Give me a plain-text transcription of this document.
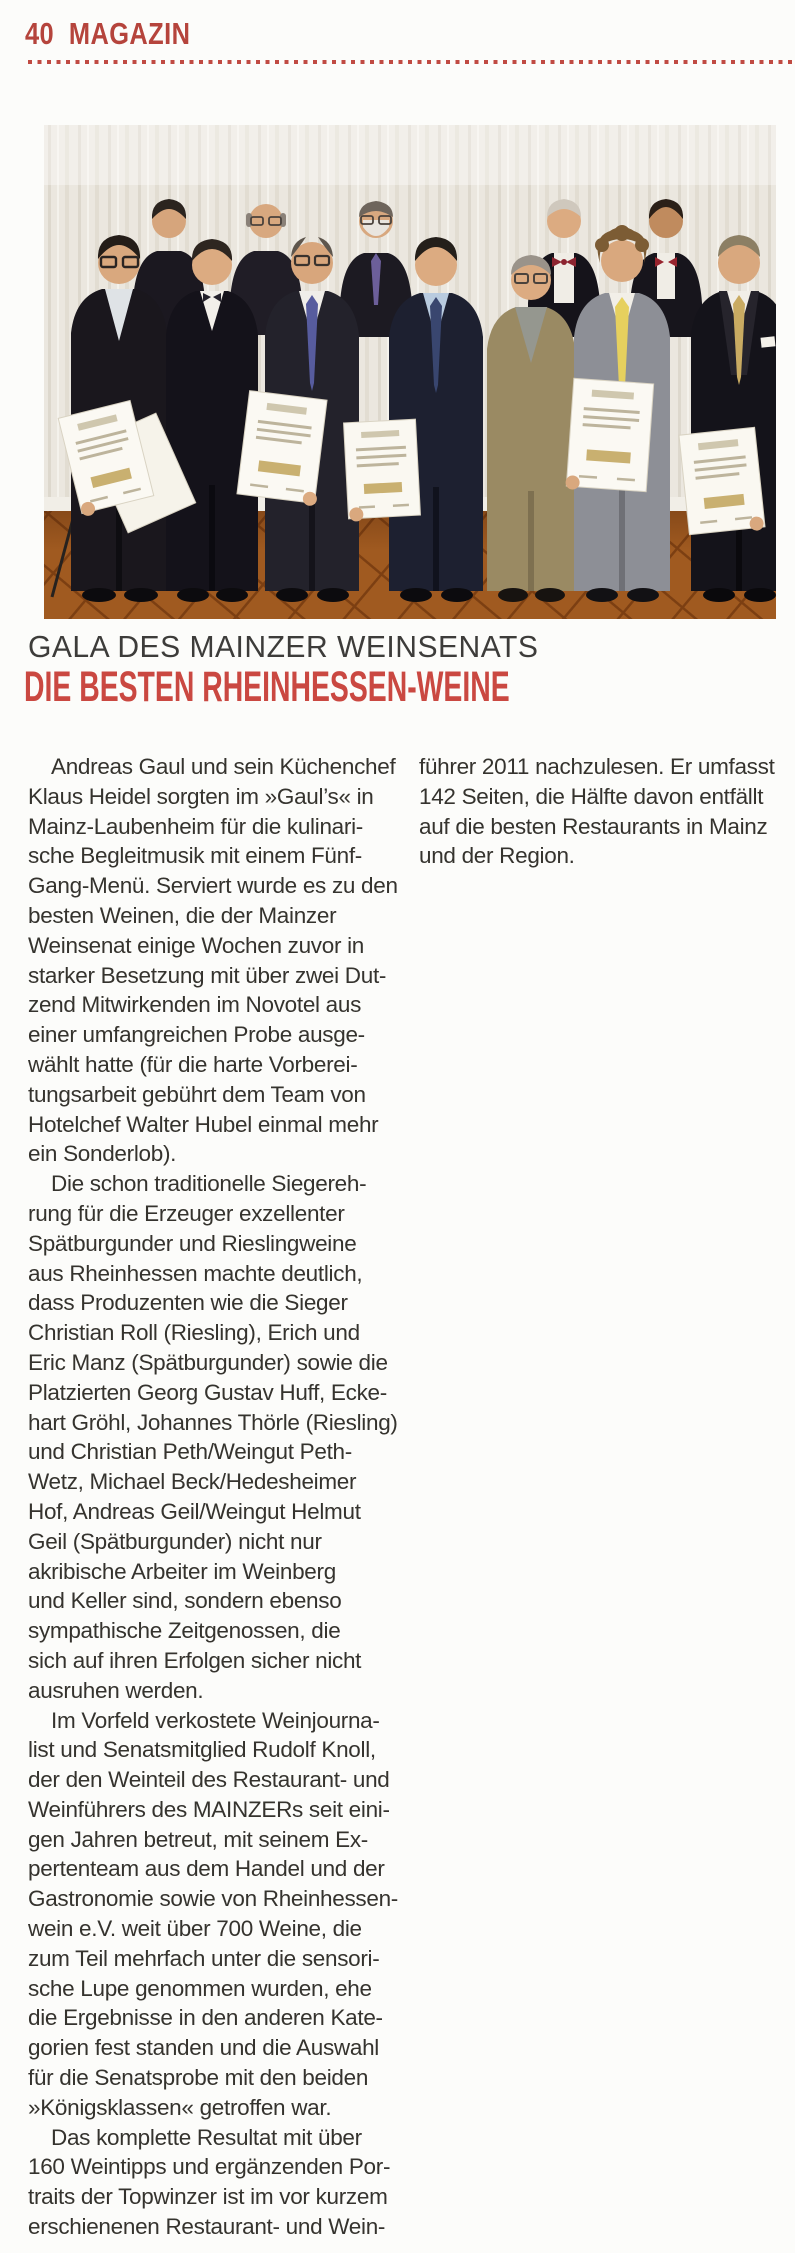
40 MAGAZIN
GALA DES MAINZER WEINSENATS
DIE BESTEN RHEINHESSEN-WEINE
Andreas Gaul und sein Küchenchef
Klaus Heidel sorgten im »Gaul’s« in
Mainz-Laubenheim für die kulinari-
sche Begleitmusik mit einem Fünf-
Gang-Menü. Serviert wurde es zu den
besten Weinen, die der Mainzer
Weinsenat einige Wochen zuvor in
starker Besetzung mit über zwei Dut-
zend Mitwirkenden im Novotel aus
einer umfangreichen Probe ausge-
wählt hatte (für die harte Vorberei-
tungsarbeit gebührt dem Team von
Hotelchef Walter Hubel einmal mehr
ein Sonderlob).
Die schon traditionelle Siegereh-
rung für die Erzeuger exzellenter
Spätburgunder und Rieslingweine
aus Rheinhessen machte deutlich,
dass Produzenten wie die Sieger
Christian Roll (Riesling), Erich und
Eric Manz (Spätburgunder) sowie die
Platzierten Georg Gustav Huff, Ecke-
hart Gröhl, Johannes Thörle (Riesling)
und Christian Peth/Weingut Peth-
Wetz, Michael Beck/Hedesheimer
Hof, Andreas Geil/Weingut Helmut
Geil (Spätburgunder) nicht nur
akribische Arbeiter im Weinberg
und Keller sind, sondern ebenso
sympathische Zeitgenossen, die
sich auf ihren Erfolgen sicher nicht
ausruhen werden.
Im Vorfeld verkostete Weinjourna-
list und Senatsmitglied Rudolf Knoll,
der den Weinteil des Restaurant- und
Weinführers des MAINZERs seit eini-
gen Jahren betreut, mit seinem Ex-
pertenteam aus dem Handel und der
Gastronomie sowie von Rheinhessen-
wein e.V. weit über 700 Weine, die
zum Teil mehrfach unter die sensori-
sche Lupe genommen wurden, ehe
die Ergebnisse in den anderen Kate-
gorien fest standen und die Auswahl
für die Senatsprobe mit den beiden
»Königsklassen« getroffen war.
Das komplette Resultat mit über
160 Weintipps und ergänzenden Por-
traits der Topwinzer ist im vor kurzem
erschienenen Restaurant- und Wein-
führer 2011 nachzulesen. Er umfasst
142 Seiten, die Hälfte davon entfällt
auf die besten Restaurants in Mainz
und der Region.
